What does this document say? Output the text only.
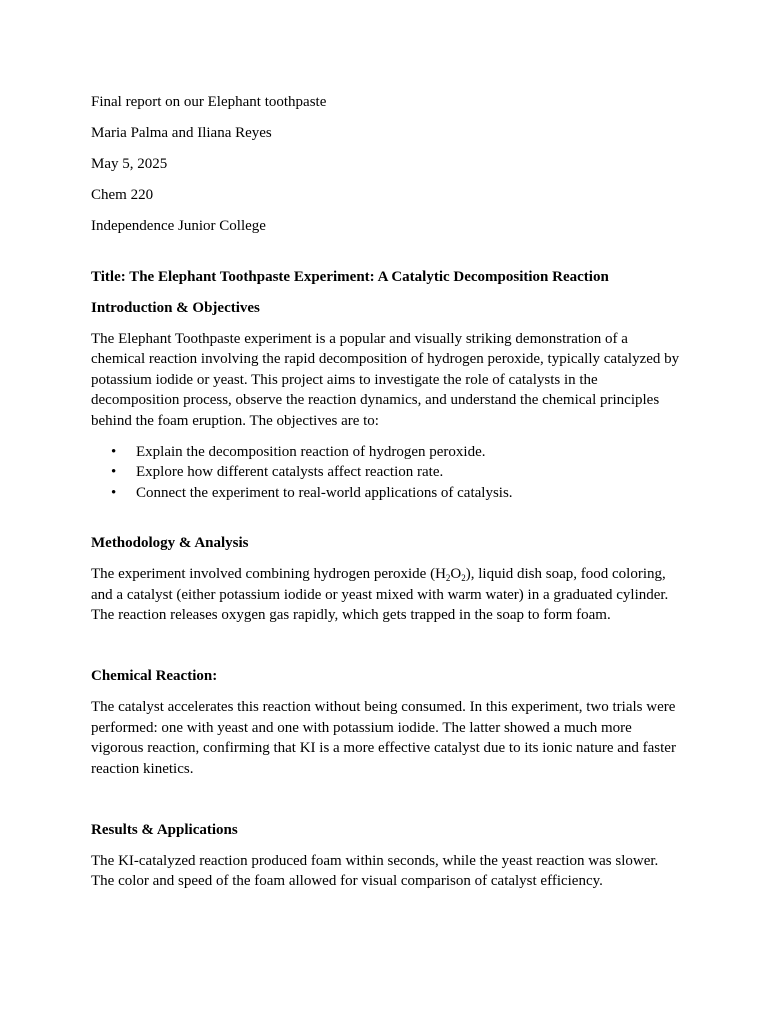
Final report on our Elephant toothpaste

Maria Palma and Iliana Reyes

May 5, 2025

Chem 220

Independence Junior College

Title: The Elephant Toothpaste Experiment: A Catalytic Decomposition Reaction

Introduction & Objectives

The Elephant Toothpaste experiment is a popular and visually striking demonstration of a chemical reaction involving the rapid decomposition of hydrogen peroxide, typically catalyzed by potassium iodide or yeast. This project aims to investigate the role of catalysts in the decomposition process, observe the reaction dynamics, and understand the chemical principles behind the foam eruption. The objectives are to:

• Explain the decomposition reaction of hydrogen peroxide.
• Explore how different catalysts affect reaction rate.
• Connect the experiment to real-world applications of catalysis.

Methodology & Analysis

The experiment involved combining hydrogen peroxide $(H_2O_2)$, liquid dish soap, food coloring, and a catalyst (either potassium iodide or yeast mixed with warm water) in a graduated cylinder. The reaction releases oxygen gas rapidly, which gets trapped in the soap to form foam.

Chemical Reaction:

The catalyst accelerates this reaction without being consumed. In this experiment, two trials were performed: one with yeast and one with potassium iodide. The latter showed a much more vigorous reaction, confirming that KI is a more effective catalyst due to its ionic nature and faster reaction kinetics.

Results & Applications

The KI-catalyzed reaction produced foam within seconds, while the yeast reaction was slower. The color and speed of the foam allowed for visual comparison of catalyst efficiency.
